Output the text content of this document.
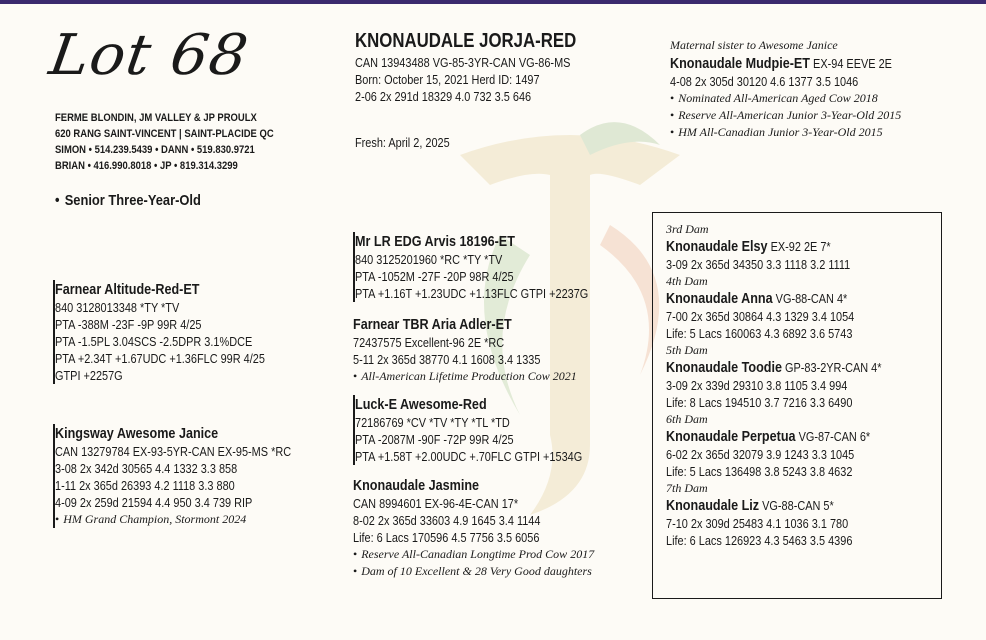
Lot 68
FERME BLONDIN, JM VALLEY & JP PROULX
620 RANG SAINT-VINCENT | SAINT-PLACIDE QC
SIMON • 514.239.5439 • DANN • 519.830.9721
BRIAN • 416.990.8018 • JP • 819.314.3299
• Senior Three-Year-Old
KNONAUDALE JORJA-RED
CAN 13943488 VG-85-3YR-CAN VG-86-MS
Born: October 15, 2021 Herd ID: 1497
2-06 2x 291d 18329 4.0 732 3.5 646
Fresh: April 2, 2025
Maternal sister to Awesome Janice
Knonaudale Mudpie-ET EX-94 EEVE 2E
4-08 2x 305d 30120 4.6 1377 3.5 1046
• Nominated All-American Aged Cow 2018
• Reserve All-American Junior 3-Year-Old 2015
• HM All-Canadian Junior 3-Year-Old 2015
Farnear Altitude-Red-ET
840 3128013348 *TY *TV
PTA -388M -23F -9P 99R 4/25
PTA -1.5PL 3.04SCS -2.5DPR 3.1%DCE
PTA +2.34T +1.67UDC +1.36FLC 99R 4/25
GTPI +2257G
Kingsway Awesome Janice
CAN 13279784 EX-93-5YR-CAN EX-95-MS *RC
3-08 2x 342d 30565 4.4 1332 3.3 858
1-11 2x 365d 26393 4.2 1118 3.3 880
4-09 2x 259d 21594 4.4 950 3.4 739 RIP
• HM Grand Champion, Stormont 2024
Mr LR EDG Arvis 18196-ET
840 3125201960 *RC *TY *TV
PTA -1052M -27F -20P 98R 4/25
PTA +1.16T +1.23UDC +1.13FLC GTPI +2237G
Farnear TBR Aria Adler-ET
72437575 Excellent-96 2E *RC
5-11 2x 365d 38770 4.1 1608 3.4 1335
• All-American Lifetime Production Cow 2021
Luck-E Awesome-Red
72186769 *CV *TV *TY *TL *TD
PTA -2087M -90F -72P 99R 4/25
PTA +1.58T +2.00UDC +.70FLC GTPI +1534G
Knonaudale Jasmine
CAN 8994601 EX-96-4E-CAN 17*
8-02 2x 365d 33603 4.9 1645 3.4 1144
Life: 6 Lacs 170596 4.5 7756 3.5 6056
• Reserve All-Canadian Longtime Prod Cow 2017
• Dam of 10 Excellent & 28 Very Good daughters
3rd Dam
Knonaudale Elsy EX-92 2E 7*
3-09 2x 365d 34350 3.3 1118 3.2 1111
4th Dam
Knonaudale Anna VG-88-CAN 4*
7-00 2x 365d 30864 4.3 1329 3.4 1054
Life: 5 Lacs 160063 4.3 6892 3.6 5743
5th Dam
Knonaudale Toodie GP-83-2YR-CAN 4*
3-09 2x 339d 29310 3.8 1105 3.4 994
Life: 8 Lacs 194510 3.7 7216 3.3 6490
6th Dam
Knonaudale Perpetua VG-87-CAN 6*
6-02 2x 365d 32079 3.9 1243 3.3 1045
Life: 5 Lacs 136498 3.8 5243 3.8 4632
7th Dam
Knonaudale Liz VG-88-CAN 5*
7-10 2x 309d 25483 4.1 1036 3.1 780
Life: 6 Lacs 126923 4.3 5463 3.5 4396
